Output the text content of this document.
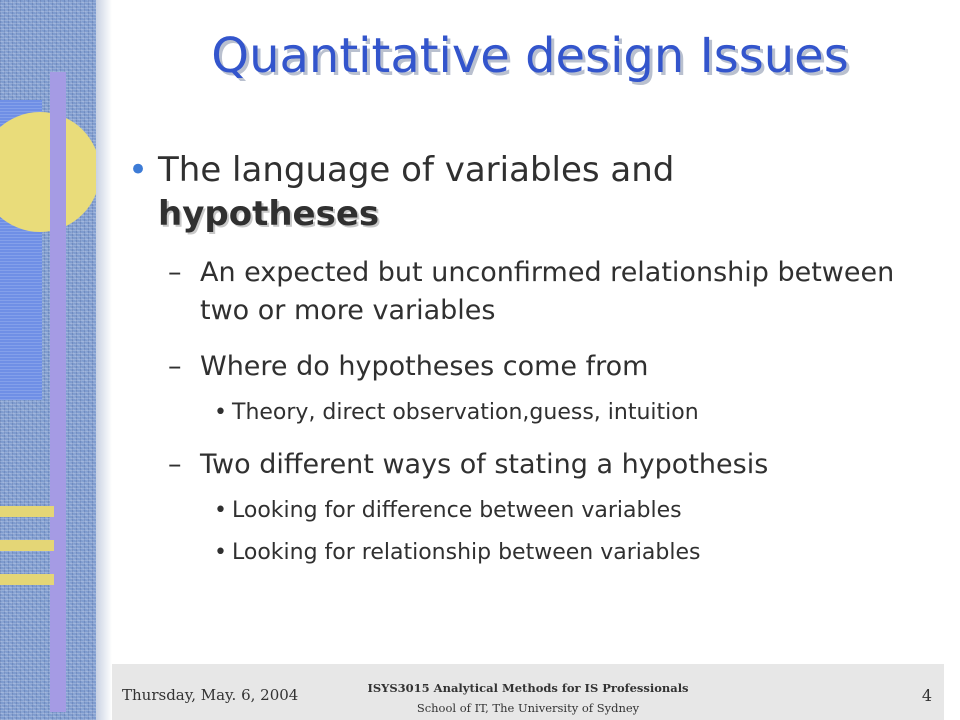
Quantitative design Issues
• The language of variables and
hypotheses
– An expected but unconfirmed relationship between two or more variables
– Where do hypotheses come from
• Theory, direct observation,guess, intuition
– Two different ways of stating a hypothesis
• Looking for difference between variables
• Looking for relationship between variables
Thursday, May. 6, 2004	ISYS3015 Analytical Methods for IS Professionals
School of IT, The University of Sydney
4
